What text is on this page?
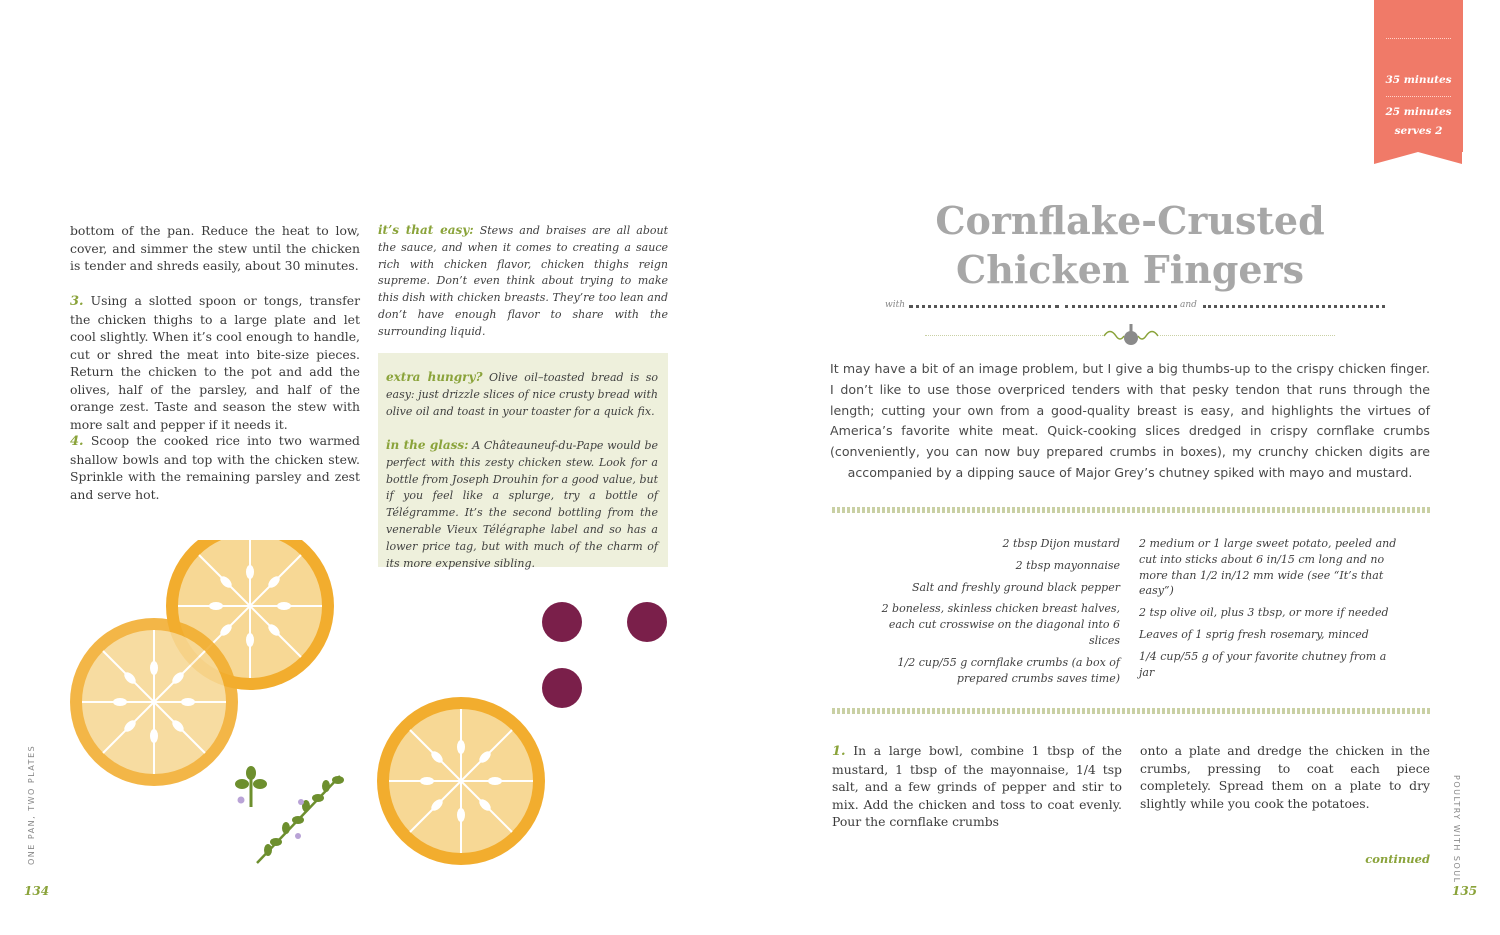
bottom of the pan. Reduce the heat to low, cover, and simmer the stew until the chicken is tender and shreds easily, about 30 minutes.

3. Using a slotted spoon or tongs, transfer the chicken thighs to a large plate and let cool slightly. When it’s cool enough to handle, cut or shred the meat into bite-size pieces. Return the chicken to the pot and add the olives, half of the parsley, and half of the orange zest. Taste and season the stew with more salt and pepper if it needs it.

4. Scoop the cooked rice into two warmed shallow bowls and top with the chicken stew. Sprinkle with the remaining parsley and zest and serve hot.

it’s that easy: Stews and braises are all about the sauce, and when it comes to creating a sauce rich with chicken flavor, chicken thighs reign supreme. Don’t even think about trying to make this dish with chicken breasts. They’re too lean and don’t have enough flavor to share with the surrounding liquid.

extra hungry? Olive oil–toasted bread is so easy: just drizzle slices of nice crusty bread with olive oil and toast in your toaster for a quick fix.

in the glass: A Châteauneuf-du-Pape would be perfect with this zesty chicken stew. Look for a bottle from Joseph Drouhin for a good value, but if you feel like a splurge, try a bottle of Télégramme. It’s the second bottling from the venerable Vieux Télégraphe label and so has a lower price tag, but with much of the charm of its more expensive sibling.

ONE PAN, TWO PLATES
134
35 minutes
25 minutes
serves 2
Cornflake-Crusted
Chicken Fingers
with	and

It may have a bit of an image problem, but I give a big thumbs-up to the crispy chicken finger. I don’t like to use those overpriced tenders with that pesky tendon that runs through the length; cutting your own from a good-quality breast is easy, and highlights the virtues of America’s favorite white meat. Quick-cooking slices dredged in crispy cornflake crumbs (conveniently, you can now buy prepared crumbs in boxes), my crunchy chicken digits are accompanied by a dipping sauce of Major Grey’s chutney spiked with mayo and mustard.

2 tbsp Dijon mustard

2 tbsp mayonnaise

Salt and freshly ground black pepper

2 boneless, skinless chicken breast halves, each cut crosswise on the diagonal into 6 slices

1/2 cup/55 g cornflake crumbs (a box of prepared crumbs saves time)

2 medium or 1 large sweet potato, peeled and cut into sticks about 6 in/15 cm long and no more than 1/2 in/12 mm wide (see “It’s that easy”)

2 tsp olive oil, plus 3 tbsp, or more if needed

Leaves of 1 sprig fresh rosemary, minced

1/4 cup/55 g of your favorite chutney from a jar

1. In a large bowl, combine 1 tbsp of the mustard, 1 tbsp of the mayonnaise, 1/4 tsp salt, and a few grinds of pepper and stir to mix. Add the chicken and toss to coat evenly. Pour the cornflake crumbs

onto a plate and dredge the chicken in the crumbs, pressing to coat each piece completely. Spread them on a plate to dry slightly while you cook the potatoes.

continued	POULTRY WITH SOUL
135
